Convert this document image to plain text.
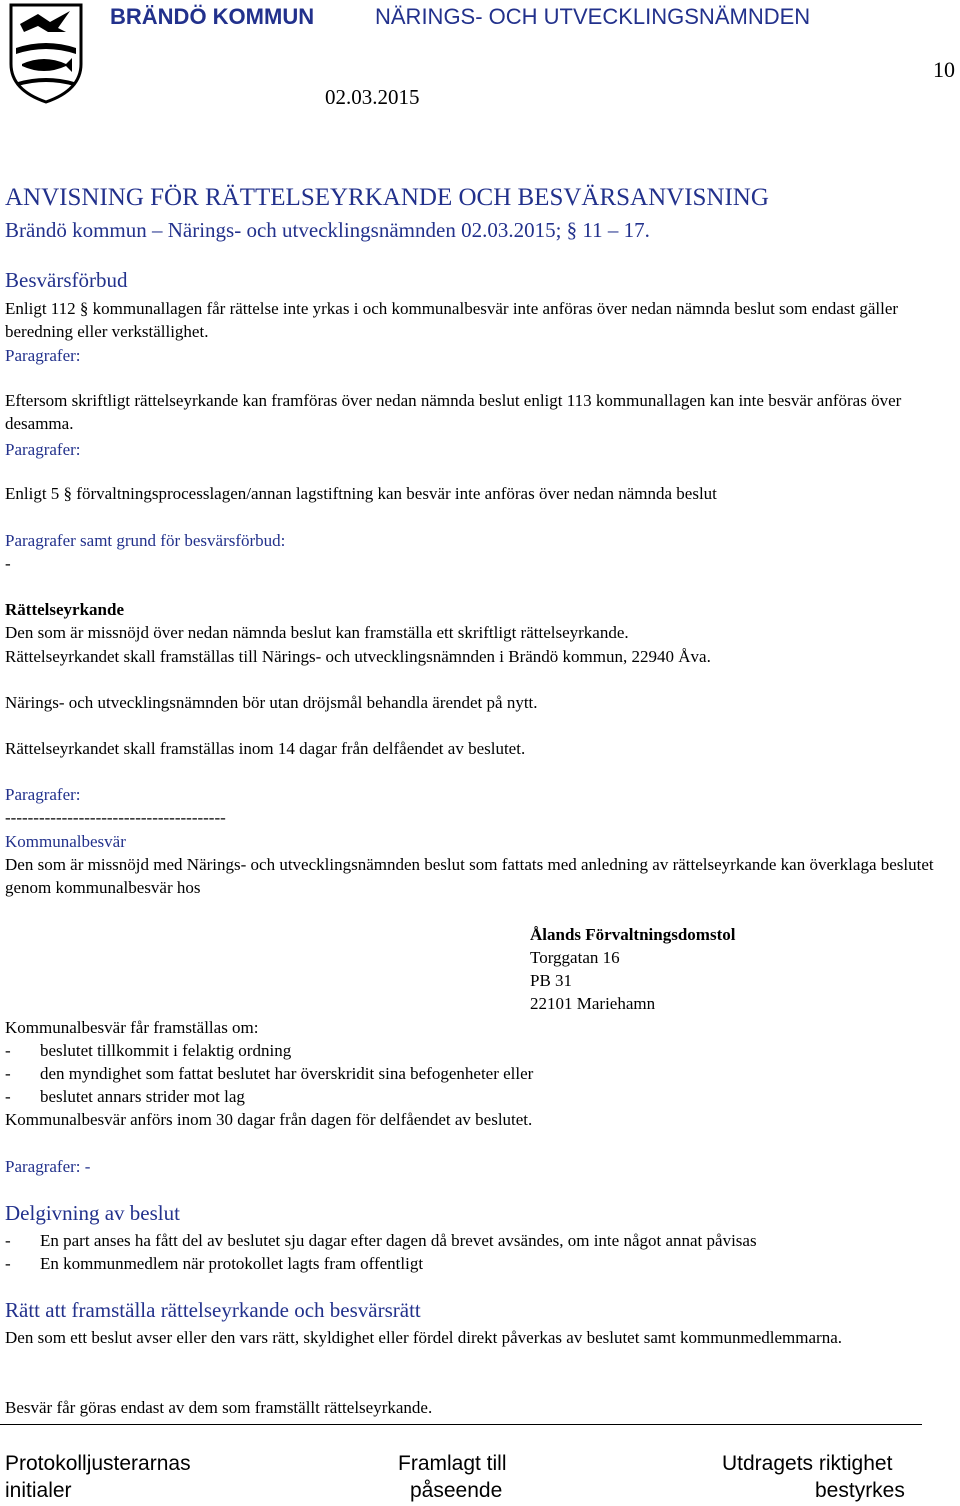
BRÄNDÖ KOMMUN	NÄRINGS- OCH UTVECKLINGSNÄMNDEN
02.03.2015
10
ANVISNING FÖR RÄTTELSEYRKANDE OCH BESVÄRSANVISNING
Brändö kommun – Närings- och utvecklingsnämnden 02.03.2015; § 11 – 17.
Besvärsförbud
Enligt 112 § kommunallagen får rättelse inte yrkas i och kommunalbesvär inte anföras över nedan nämnda beslut som endast gäller beredning eller verkställighet.
Paragrafer:
Eftersom skriftligt rättelseyrkande kan framföras över nedan nämnda beslut enligt 113 kommunallagen kan inte besvär anföras över desamma.
Paragrafer:
Enligt 5 § förvaltningsprocesslagen/annan lagstiftning kan besvär inte anföras över nedan nämnda beslut
Paragrafer samt grund för besvärsförbud:
-
Rättelseyrkande
Den som är missnöjd över nedan nämnda beslut kan framställa ett skriftligt rättelseyrkande.
Rättelseyrkandet skall framställas till Närings- och utvecklingsnämnden i Brändö kommun, 22940 Åva.
Närings- och utvecklingsnämnden bör utan dröjsmål behandla ärendet på nytt.
Rättelseyrkandet skall framställas inom 14 dagar från delfåendet av beslutet.
Paragrafer:
---------------------------------------
Kommunalbesvär
Den som är missnöjd med Närings- och utvecklingsnämnden beslut som fattats med anledning av rättelseyrkande kan överklaga beslutet genom kommunalbesvär hos
Ålands Förvaltningsdomstol
Torggatan 16
PB 31
22101 Mariehamn
Kommunalbesvär får framställas om:
- beslutet tillkommit i felaktig ordning
- den myndighet som fattat beslutet har överskridit sina befogenheter eller
- beslutet annars strider mot lag
Kommunalbesvär anförs inom 30 dagar från dagen för delfåendet av beslutet.
Paragrafer: -
Delgivning av beslut
- En part anses ha fått del av beslutet sju dagar efter dagen då brevet avsändes, om inte något annat påvisas
- En kommunmedlem när protokollet lagts fram offentligt
Rätt att framställa rättelseyrkande och besvärsrätt
Den som ett beslut avser eller den vars rätt, skyldighet eller fördel direkt påverkas av beslutet samt kommunmedlemmarna.
Besvär får göras endast av dem som framställt rättelseyrkande.
Protokolljusterarnas
initialer
Framlagt till
påseende
Utdragets riktighet
bestyrkes
